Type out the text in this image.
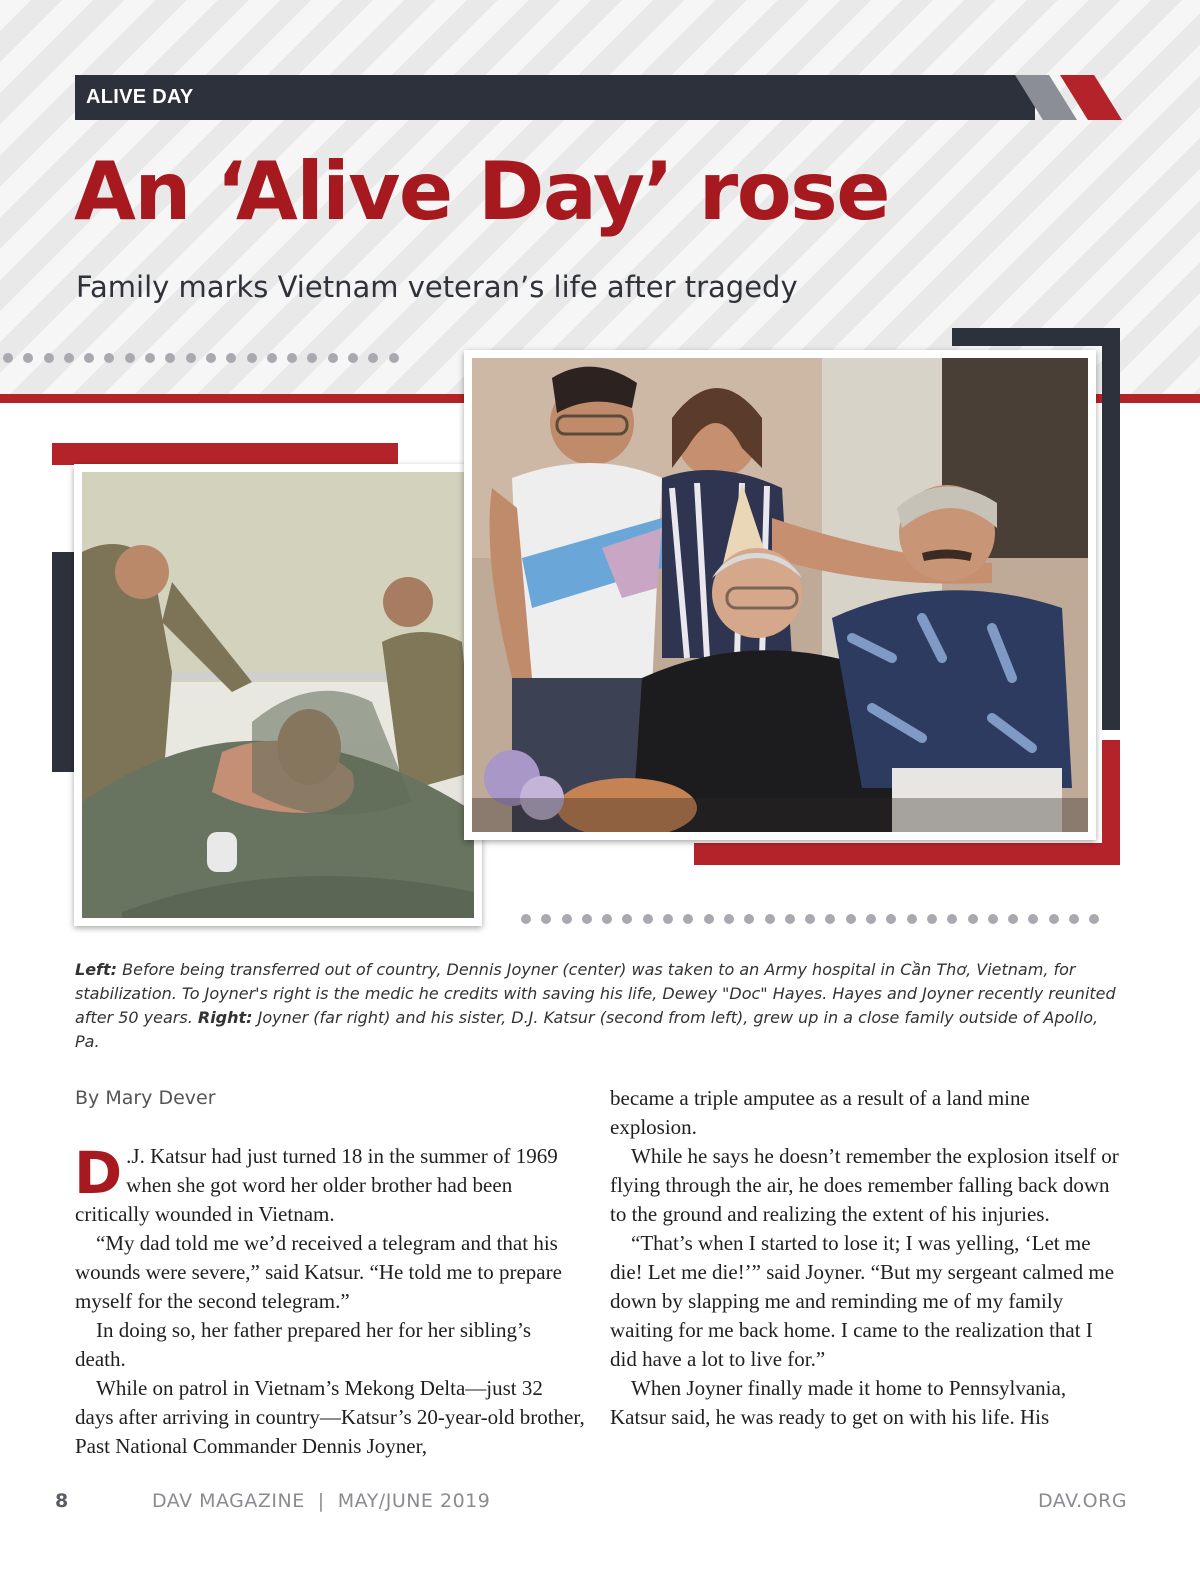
ALIVE DAY
An ‘Alive Day’ rose
Family marks Vietnam veteran’s life after tragedy
Left: Before being transferred out of country, Dennis Joyner (center) was taken to an Army hospital in Cần Thơ, Vietnam, for stabilization. To Joyner's right is the medic he credits with saving his life, Dewey "Doc" Hayes. Hayes and Joyner recently reunited after 50 years. Right: Joyner (far right) and his sister, D.J. Katsur (second from left), grew up in a close family outside of Apollo, Pa.
By Mary Dever

D .J. Katsur had just turned 18 in the summer of 1969 when she got word her older brother had been critically wounded in Vietnam.

“My dad told me we’d received a telegram and that his wounds were severe,” said Katsur. “He told me to prepare myself for the second telegram.”

In doing so, her father prepared her for her sibling’s death.

While on patrol in Vietnam’s Mekong Delta—just 32 days after arriving in country—Katsur’s 20-year-old brother, Past National Commander Dennis Joyner,

became a triple amputee as a result of a land mine explosion.

While he says he doesn’t remember the explosion itself or flying through the air, he does remember falling back down to the ground and realizing the extent of his injuries.

“That’s when I started to lose it; I was yelling, ‘Let me die! Let me die!’” said Joyner. “But my sergeant calmed me down by slapping me and reminding me of my family waiting for me back home. I came to the realization that I did have a lot to live for.”

When Joyner finally made it home to Pennsylvania, Katsur said, he was ready to get on with his life. His

8	DAV MAGAZINE  |  MAY/JUNE 2019	DAV.ORG
